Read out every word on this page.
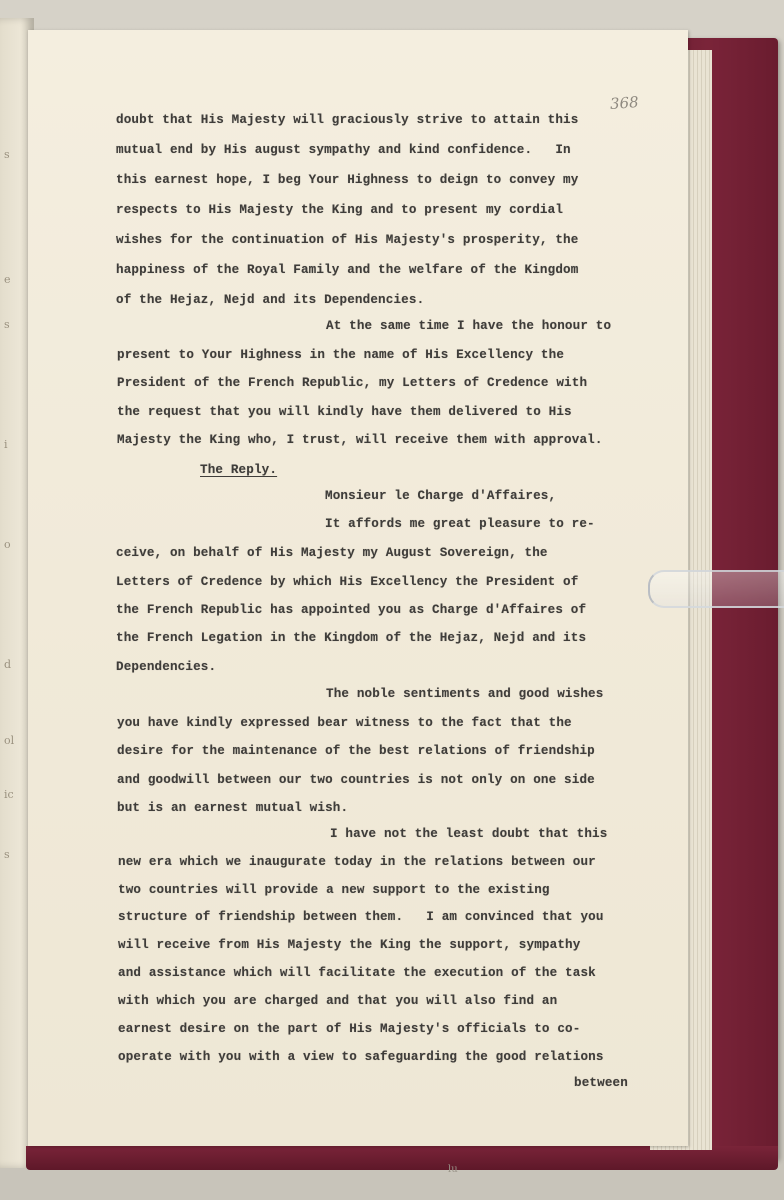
s
e
s
i
o
d
ol
ic
s
368
doubt that His Majesty will graciously strive to attain this
mutual end by His august sympathy and kind confidence.   In
this earnest hope, I beg Your Highness to deign to convey my
respects to His Majesty the King and to present my cordial
wishes for the continuation of His Majesty's prosperity, the
happiness of the Royal Family and the welfare of the Kingdom
of the Hejaz, Nejd and its Dependencies.
At the same time I have the honour to
present to Your Highness in the name of His Excellency the
President of the French Republic, my Letters of Credence with
the request that you will kindly have them delivered to His
Majesty the King who, I trust, will receive them with approval.
The Reply.
Monsieur le Charge d'Affaires,
It affords me great pleasure to re-
ceive, on behalf of His Majesty my August Sovereign, the
Letters of Credence by which His Excellency the President of
the French Republic has appointed you as Charge d'Affaires of
the French Legation in the Kingdom of the Hejaz, Nejd and its
Dependencies.
The noble sentiments and good wishes
you have kindly expressed bear witness to the fact that the
desire for the maintenance of the best relations of friendship
and goodwill between our two countries is not only on one side
but is an earnest mutual wish.
I have not the least doubt that this
new era which we inaugurate today in the relations between our
two countries will provide a new support to the existing
structure of friendship between them.   I am convinced that you
will receive from His Majesty the King the support, sympathy
and assistance which will facilitate the execution of the task
with which you are charged and that you will also find an
earnest desire on the part of His Majesty's officials to co-
operate with you with a view to safeguarding the good relations
between
lu
